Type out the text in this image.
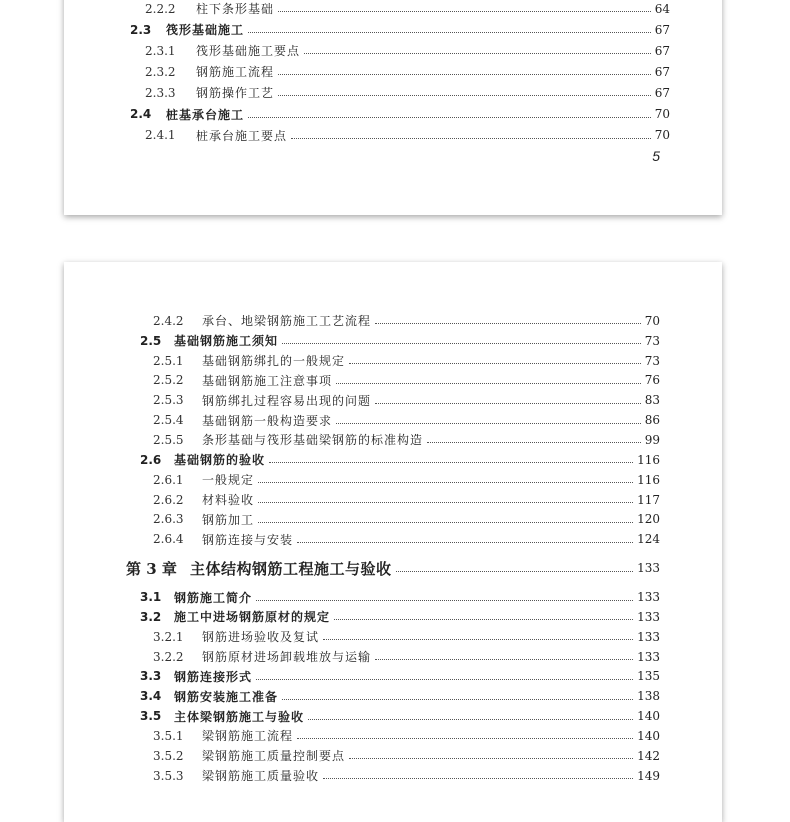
2.2.2	柱下条形基础	64
2.3	筏形基础施工	67
2.3.1	筏形基础施工要点	67
2.3.2	钢筋施工流程	67
2.3.3	钢筋操作工艺	67
2.4	桩基承台施工	70
2.4.1	桩承台施工要点	70
5
2.4.2	承台、地梁钢筋施工工艺流程	70
2.5 基础钢筋施工须知	73
2.5.1	基础钢筋绑扎的一般规定	73
2.5.2	基础钢筋施工注意事项	76
2.5.3	钢筋绑扎过程容易出现的问题	83
2.5.4	基础钢筋一般构造要求	86
2.5.5	条形基础与筏形基础梁钢筋的标准构造	99
2.6 基础钢筋的验收	116
2.6.1	一般规定	116
2.6.2	材料验收	117
2.6.3	钢筋加工	120
2.6.4	钢筋连接与安装	124
第 3 章 主体结构钢筋工程施工与验收	133
3.1 钢筋施工简介	133
3.2 施工中进场钢筋原材的规定	133
3.2.1	钢筋进场验收及复试	133
3.2.2	钢筋原材进场卸载堆放与运输	133
3.3 钢筋连接形式	135
3.4 钢筋安装施工准备	138
3.5 主体梁钢筋施工与验收	140
3.5.1	梁钢筋施工流程	140
3.5.2	梁钢筋施工质量控制要点	142
3.5.3	梁钢筋施工质量验收	149
